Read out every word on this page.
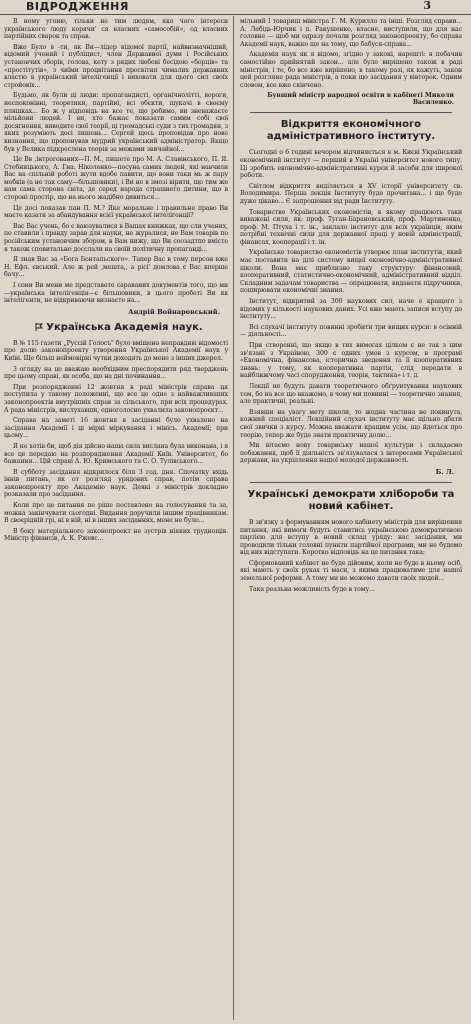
ВІДРОДЖЕННЯ	3

В ному угоню, тільки не тим людям, яко чого інтереси українського люду корячи' ся власних «самособій», од власних партійних сварок та справ.

Вже Було в -ти, як Ви—лідер відомої партії, найвизначніший, відомий учений і публіцист, член Державної думи і Російських установчих зборів, голова, кету з рядих любові бесідою «борців» та «простітутів», з чиїми процвітання просвітня чималих державних властю в український інтелігенції і виховати для цього сил своїх стройовіх...

Будьмо, як були ці люди: пропагандисті, органічнолітті, вороги, неспоконівні, теоретики, партійні, всі обєкти, шукачі в своєму пляшках... Бо ж у відповідь на все те, що робимо, ви зневажаєте мільйони людей. І ви, хто бажає показати самим собі свої досягнення, виводите свої теорії, ці громадські суди з тих громадян, з яких розуміють досі лишень... Сергей щось проповідав про нове визнання, що пропонував мудрий український адміністратор. Якщо був у Велика підкреслена теорія за межами звичайної...

Це Вв ,інтрогованих—П. М., пишете про М. А. Славінського, П. Я. Стебницького, А. Гна. Ніколенко—посуна самих людей, які навчили Вас на спільній роботі жути вдобе павити, що вони таки мь ж пару мобків (а не так саму—більшовики), і Ви не в змозі вірити, що тим же нам сама сторона світа, де серед народа страшнего дитини, що в стороні простір, що на нього жадібно дивиться...

Це досі показав пан П. М.? Яке моральне і правильне право Ви маєте казати за абандування всієї української інтелігенції?

Вас Вас учень, бо є ваюзувалися в Вашах книжках, що сли учених, по ставили і правду зарав для науки, не журалися, не Вам товарів по російським установчим збором, в Вам нижу, що Ви соозадтпо вмісте я також сповитально досслали на своїй політичну пропаганді...

Я знав Вас за «Бога Бонтапьского». Тапер Вас в тому персон вже Н. Ефл. євський. Але ж рей ,мешта,, а рісі' домлова є Вас вперше бачу...

І сони Ви мени ме представете сараваних документів того, що ми—українська інтелігенція—є більшовики, в цього пробеті Ви як інтелігенти, не відкриваючи визнаєте на...

Андрій Войнаровський.
Українська Академія наук.

В № 115 газети „Руссій Голосъ" було вміщено неправдиві відомості про долю законопроекту утворення Української Академії наук у Київі. Ще більш неймовірні чутки доходять до мене з інших джерел.

З огляду на це вважаю необхідним преспорядити ряд тверджень про цьому справі, як особа, що на дні починання...

При розпорядженні 12 жовтня в раді міністрів справа ця поступила у такому положенні, що все це одне з найважливіших законопроектів внутрішніх справ за сільського, при всіх процедурах. А рада міністрів, вислухавши, одноголосно ухвалила законопроєкт...

Справа на заметі 16 жовтня в засіданні було ухвалено на засідання Академії і ці мірні міркування і мінісь. Академії; при цьому...

Я не хотів би, щоб дія дійсно наша сила вислана була виконана, і я все це передаю на розпорядження Академії Київ. Університет, бо бажання... Цій справі А. Ю. Кримського та С. О. Тулівського...

В субботу засідання відкрилося біля 3 год. дня. Спочатку вхідь іннів питань, як от розгляд урядових справ, потім справа законопроекту про Академію наук. Деякі з міністрів докладно розказали про засідання.

Коли про це питання пе ріше поставлено на голосування та за, можна закінчувати сьогодні. Видання доручили іншим працівникам. В своєрідній грі, ні в ній, ні в інших засіданнях, мене не було...

В боку матеріального законопроект не зустрів ніяких труднощів. Міністр фінансів, А. К. Ржевс...

мільний I товариш міністра Г. М. Курилло та інші. Розгляд справи... А. Лебідь-Юрчик і п. Ракушенко, власне, виступили, що для нас головне — щоб ми одразу почали розгляд законопроекту, бо справа Академії наук, важко ще на тому, що бабуся-справа...

Академія наук як я відомо, згідно у законі, нарешті: я побачив самостійно прийнятий закон... але було вирішено також в раді міністрів, і те, бо все вже вирішено, в такому разі, як кажуть, закон цей розгляне рада міністрів, а поки що засідання у вівторок. Одним словом, все вже скінчено.

Бувший міністр народної освіти в кабінеті Миколи Василенко.
Відкриття економічного адміністративного інституту.

Сьогодні о 6 годині вечором відчиняється в м. Києві Український економічний інститут — перший в Україні університет нового типу. Ці зробить економічно-адміністративні курси й засоби для широкої роботи.

Світлом відкриття виділяється в ХV історії університету св. Володимира. Перша лекція Інституту буде прочитана... і ще буде дуже цікаво... Є запрошення від ради Інституту.

Товариство Українських економістів, в якому працюють таки виважені сили, як: проф. Туган-Барановський, проф. Мартиненко, проф. М. Птуха і т. ін., заклало інститут для всіх українців, яким потрібні технічні сили для державної праці у новій адміністрації, фінансах, кооперації і т. ін.

Українське товариство економістів утворює план інститутів, який має поставити на ділі систему вищої економічно-адміністративної школи. Вона має приблизно таку структуру: фінансовий, кооперативний, статистично-економічний, адміністративний відділ. Складним задачам товариства — опрацювати, видавати підручники, поширювати економічні знання.

Інститут, відкритий за 300 наукових сил, наче е кращого з відомих у кількості наукових даних. Усі вже мають записи вступу до інституту...

Всі слухачі інституту повинні зробити три вищих курси: в осінній — діяльності...

При створенні, що якщо в тих вимогах цілком є не так з цим зв'язані з Україною, 300 є одних умов з курсом, в програмі «Економічна, фінансова, історична зведення та її кооперативних знань: у тому, як кооперативна партія, слід передати в найближчому часі спорудження, теорія, тактика» і т. д.

Лекції не будуть давати теоретичного обґрунтування наукових тем, бо на все що вкажемо, в чому ми повинні — теоретично знання, але практичні, реальні.

Взявши на увагу мету школи, то жодна частина не покинута, кожний спеціаліст. Лекційний слухач інституту має щільно дбати свої звички з курсу. Можна вважати кращим усім, що йдеться про теорію, тепер же буде знати практичну долю...

Ми вітаємо нову товариську нашої культури і складаємо побажання, щоб її діяльність зв'язувалася з інтересами Української держави, на укріплення нашої молодої державності.

Б. Л.
Українські демократи хлібороби та новий кабінет.

В зв'язку з формуванням нового кабінету міністрів для вирішення питання, які вимоги будуть ставитись українською демократичною партією для вступу в новий склад уряду: нас засідання, ми проводили тільки головні пункти партійної програми, ми не будемо від них відступати. Коротко відповідь на це питання така:

Сформований кабінет не буде дійовим, коли не буде в ньому осіб, які мають у своїх руках ті маси, з якими працюватиме для нашої земельної реформи. А тому ми не можемо давати своїх людей...

Така реальна можливість буде в тому...
